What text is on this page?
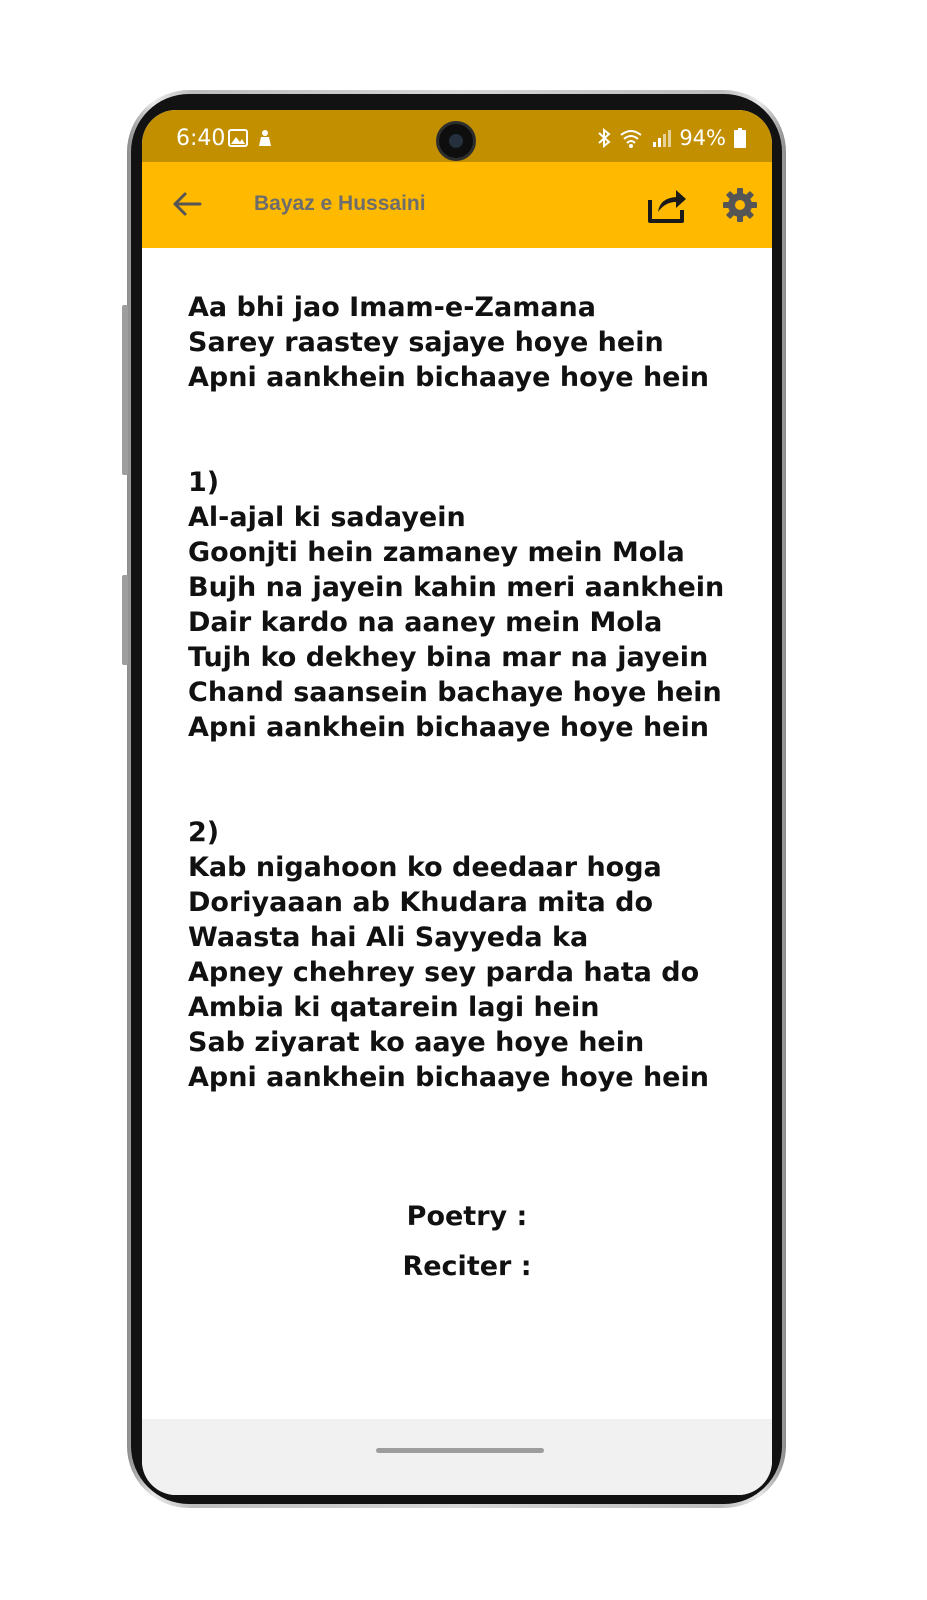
6:40	94%
Bayaz e Hussaini
Aa bhi jao Imam-e-Zamana
Sarey raastey sajaye hoye hein
Apni aankhein bichaaye hoye hein
1)
Al-ajal ki sadayein
Goonjti hein zamaney mein Mola
Bujh na jayein kahin meri aankhein
Dair kardo na aaney mein Mola
Tujh ko dekhey bina mar na jayein
Chand saansein bachaye hoye hein
Apni aankhein bichaaye hoye hein
2)
Kab nigahoon ko deedaar hoga
Doriyaaan ab Khudara mita do
Waasta hai Ali Sayyeda ka
Apney chehrey sey parda hata do
Ambia ki qatarein lagi hein
Sab ziyarat ko aaye hoye hein
Apni aankhein bichaaye hoye hein
Poetry :
Reciter :
